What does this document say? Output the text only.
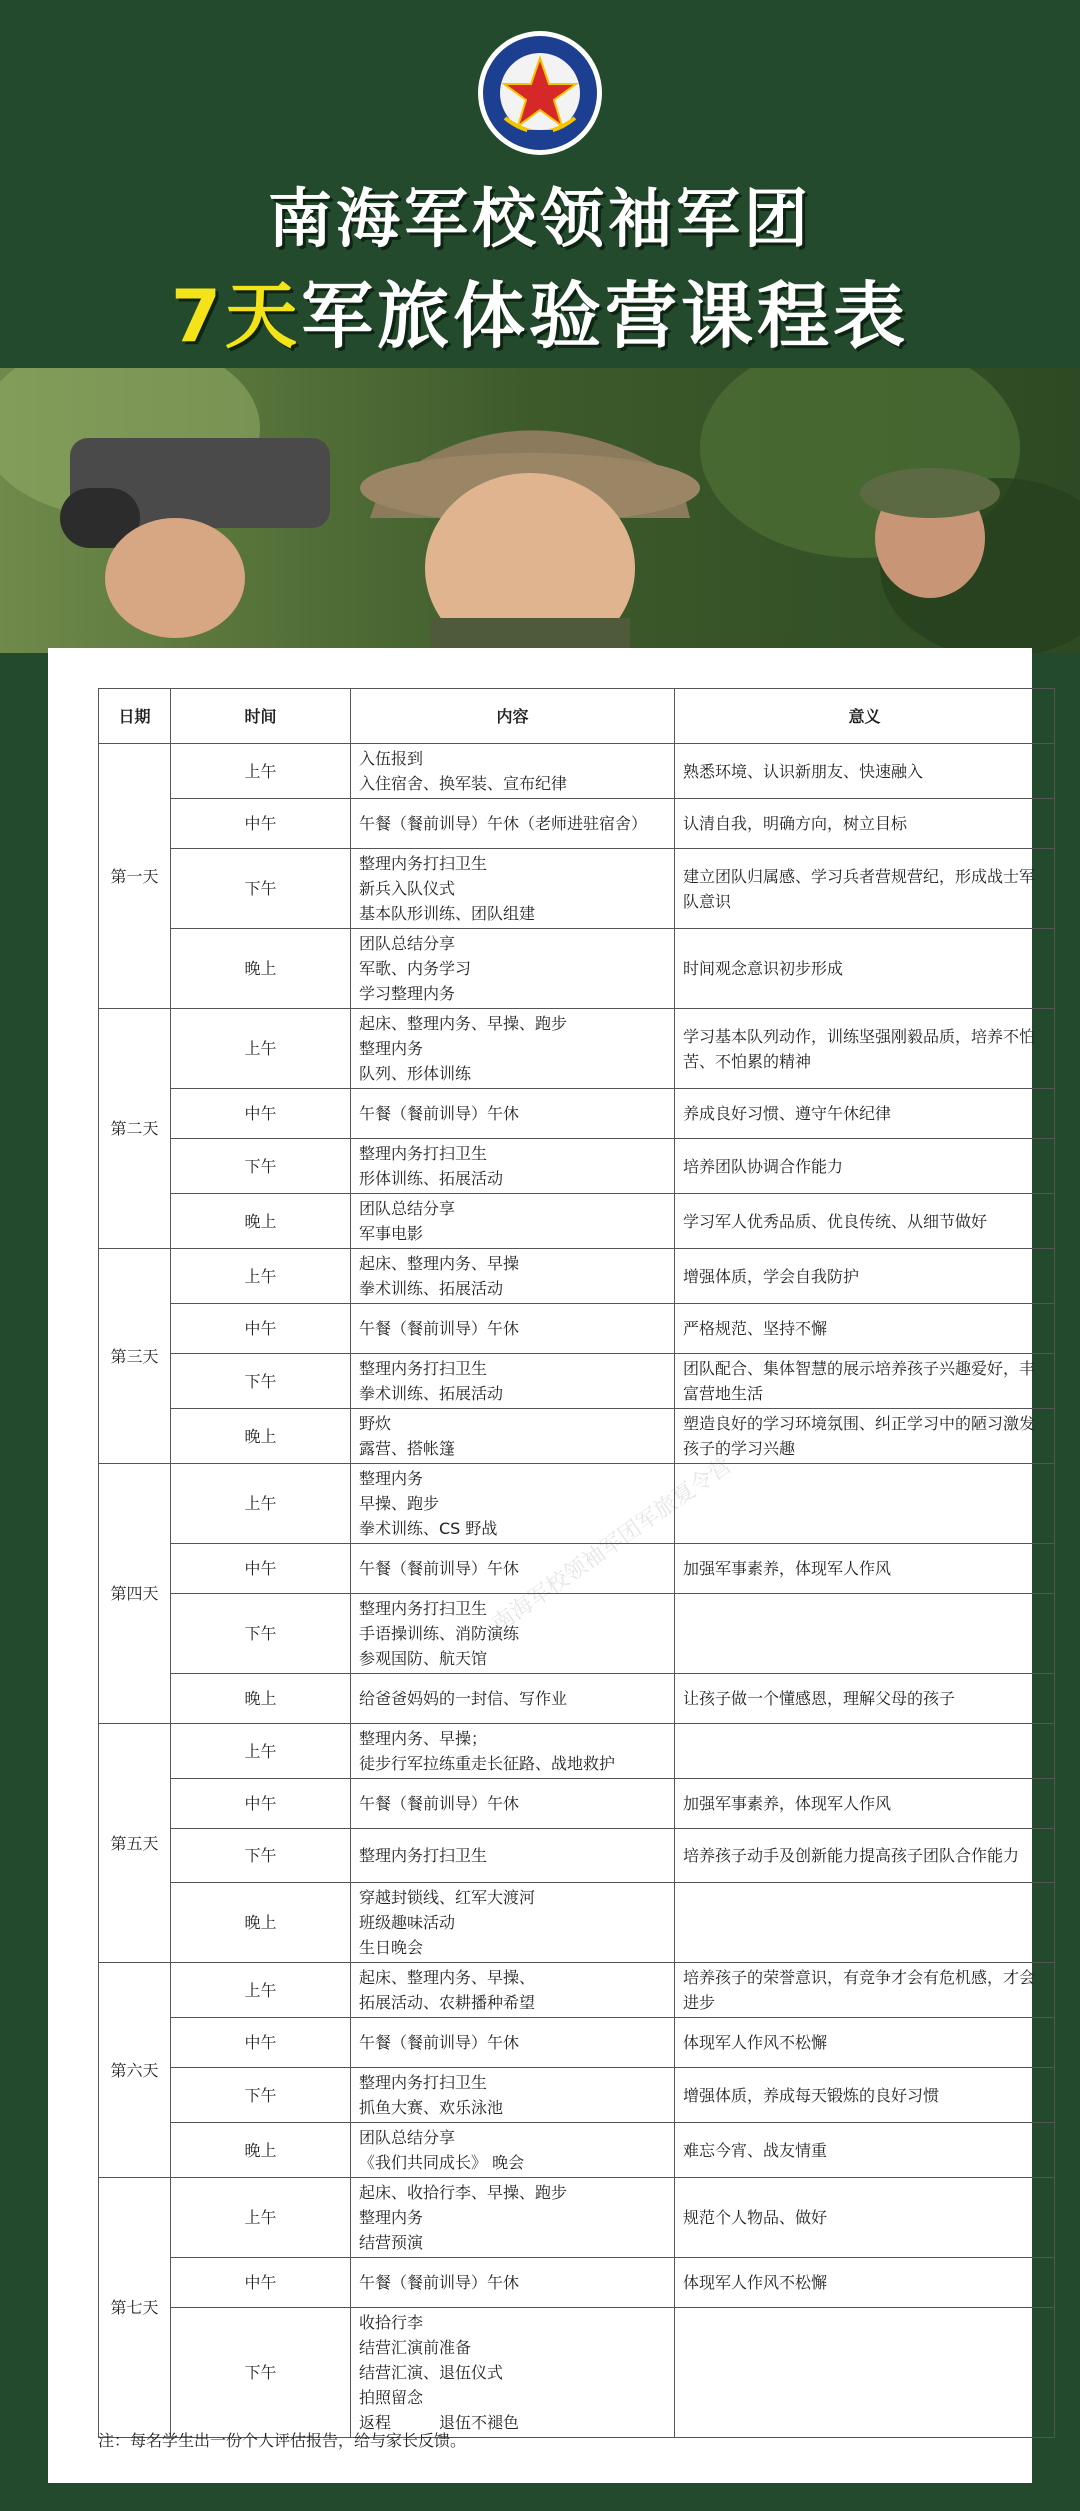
南海军校领袖军团
7天军旅体验营课程表
南海军校领袖军团军旅夏令营
日期	时间	内容	意义
第一天	上午	入伍报到
入住宿舍、换军装、宣布纪律	熟悉环境、认识新朋友、快速融入
	中午	午餐（餐前训导）午休（老师进驻宿舍）	认清自我，明确方向，树立目标
	下午	整理内务打扫卫生
新兵入队仪式
基本队形训练、团队组建	建立团队归属感、学习兵者营规营纪，形成战士军队意识
	晚上	团队总结分享
军歌、内务学习
学习整理内务	时间观念意识初步形成
第二天	上午	起床、整理内务、早操、跑步
整理内务
队列、形体训练	学习基本队列动作，训练坚强刚毅品质，培养不怕苦、不怕累的精神
	中午	午餐（餐前训导）午休	养成良好习惯、遵守午休纪律
	下午	整理内务打扫卫生
形体训练、拓展活动	培养团队协调合作能力
	晚上	团队总结分享
军事电影	学习军人优秀品质、优良传统、从细节做好
第三天	上午	起床、整理内务、早操
拳术训练、拓展活动	增强体质，学会自我防护
	中午	午餐（餐前训导）午休	严格规范、坚持不懈
	下午	整理内务打扫卫生
拳术训练、拓展活动	团队配合、集体智慧的展示培养孩子兴趣爱好，丰富营地生活
	晚上	野炊
露营、搭帐篷	塑造良好的学习环境氛围、纠正学习中的陋习激发孩子的学习兴趣
第四天	上午	整理内务
早操、跑步
拳术训练、CS 野战	
	中午	午餐（餐前训导）午休	加强军事素养，体现军人作风
	下午	整理内务打扫卫生
手语操训练、消防演练
参观国防、航天馆	
	晚上	给爸爸妈妈的一封信、写作业	让孩子做一个懂感恩，理解父母的孩子
第五天	上午	整理内务、早操；
徒步行军拉练重走长征路、战地救护	
	中午	午餐（餐前训导）午休	加强军事素养，体现军人作风
	下午	整理内务打扫卫生	培养孩子动手及创新能力提高孩子团队合作能力
	晚上	穿越封锁线、红军大渡河
班级趣味活动
生日晚会	
第六天	上午	起床、整理内务、早操、
拓展活动、农耕播种希望	培养孩子的荣誉意识，有竞争才会有危机感，才会进步
	中午	午餐（餐前训导）午休	体现军人作风不松懈
	下午	整理内务打扫卫生
抓鱼大赛、欢乐泳池	增强体质，养成每天锻炼的良好习惯
	晚上	团队总结分享
《我们共同成长》 晚会	难忘今宵、战友情重
第七天	上午	起床、收拾行李、早操、跑步
整理内务
结营预演	规范个人物品、做好
	中午	午餐（餐前训导）午休	体现军人作风不松懈
	下午	收拾行李
结营汇演前准备
结营汇演、退伍仪式
拍照留念
返程　　　退伍不褪色	
注：每名学生出一份个人评估报告，给与家长反馈。
